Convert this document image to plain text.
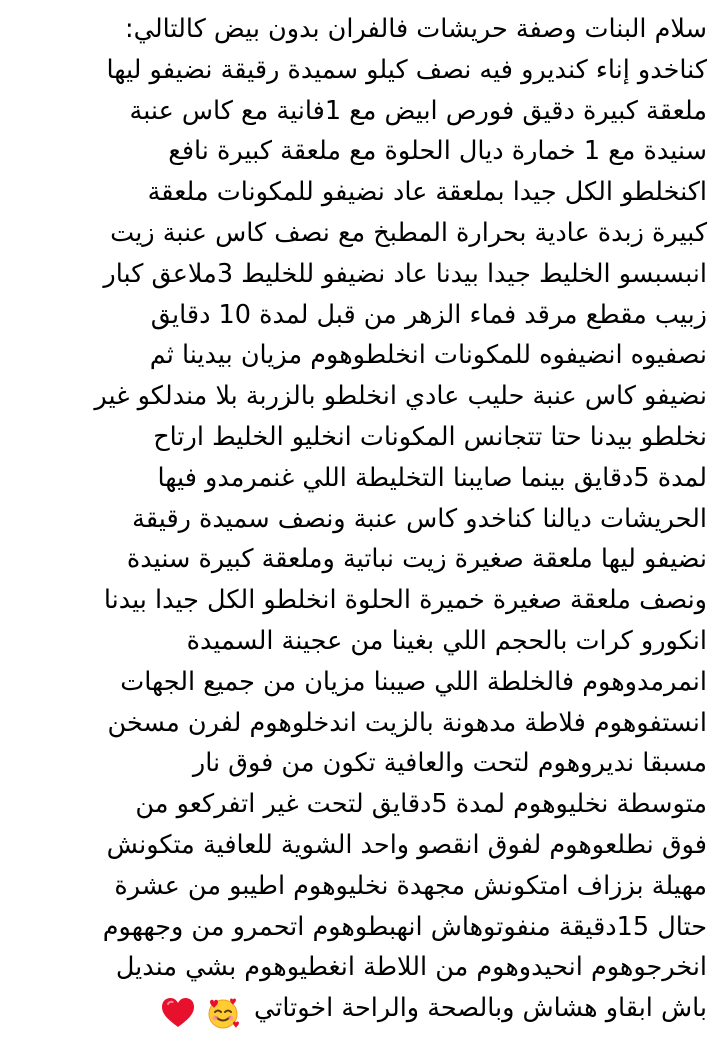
سلام البنات وصفة حريشات فالفران بدون بيض كالتالي:
كناخدو إناء كنديرو فيه نصف كيلو سميدة رقيقة نضيفو ليها
ملعقة كبيرة دقيق فورص ابيض مع 1فانية مع كاس عنبة
سنيدة مع 1 خمارة ديال الحلوة مع ملعقة كبيرة نافع
اكنخلطو الكل جيدا بملعقة عاد نضيفو للمكونات ملعقة
كبيرة زبدة عادية بحرارة المطبخ مع نصف كاس عنبة زيت
انبسبسو الخليط جيدا بيدنا عاد نضيفو للخليط 3ملاعق كبار
زبيب مقطع مرقد فماء الزهر من قبل لمدة 10 دقايق
نصفيوه انضيفوه للمكونات انخلطوهوم مزيان بيدينا ثم
نضيفو كاس عنبة حليب عادي انخلطو بالزربة بلا مندلكو غير
نخلطو بيدنا حتا تتجانس المكونات انخليو الخليط ارتاح
لمدة 5دقايق بينما صايبنا التخليطة اللي غنمرمدو فيها
الحريشات ديالنا كناخدو كاس عنبة ونصف سميدة رقيقة
نضيفو ليها ملعقة صغيرة زيت نباتية وملعقة كبيرة سنيدة
ونصف ملعقة صغيرة خميرة الحلوة انخلطو الكل جيدا بيدنا
انكورو كرات بالحجم اللي بغينا من عجينة السميدة
انمرمدوهوم فالخلطة اللي صيبنا مزيان من جميع الجهات
انستفوهوم فلاطة مدهونة بالزيت اندخلوهوم لفرن مسخن
مسبقا نديروهوم لتحت والعافية تكون من فوق نار
متوسطة نخليوهوم لمدة 5دقايق لتحت غير اتفركعو من
فوق نطلعوهوم لفوق انقصو واحد الشوية للعافية متكونش
مهيلة بززاف امتكونش مجهدة نخليوهوم اطيبو من عشرة
حتال 15دقيقة منفوتوهاش انهبطوهوم اتحمرو من وجههوم
انخرجوهوم انحيدوهوم من اللاطة انغطيوهوم بشي منديل
باش ابقاو هشاش وبالصحة والراحة اخوتاتي
